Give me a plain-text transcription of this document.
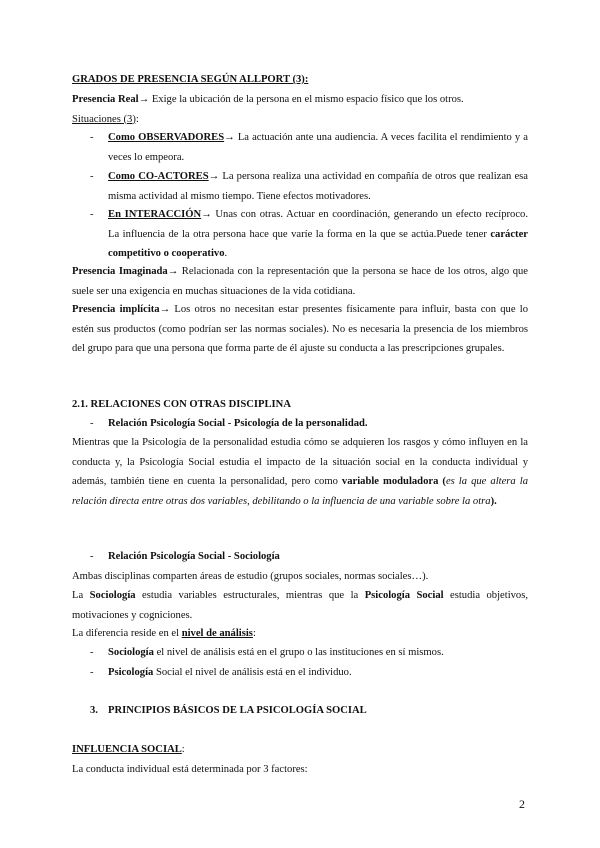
GRADOS DE PRESENCIA SEGÚN ALLPORT (3):
Presencia Real→ Exige la ubicación de la persona en el mismo espacio físico que los otros.
Situaciones (3):
- Como OBSERVADORES→ La actuación ante una audiencia. A veces facilita el rendimiento y a veces lo empeora.
- Como CO-ACTORES→ La persona realiza una actividad en compañía de otros que realizan esa misma actividad al mismo tiempo. Tiene efectos motivadores.
- En INTERACCIÓN→ Unas con otras. Actuar en coordinación, generando un efecto recíproco. La influencia de la otra persona hace que varíe la forma en la que se actúa.Puede tener carácter competitivo o cooperativo.
Presencia Imaginada→ Relacionada con la representación que la persona se hace de los otros, algo que suele ser una exigencia en muchas situaciones de la vida cotidiana.
Presencia implícita→ Los otros no necesitan estar presentes físicamente para influir, basta con que lo estén sus productos (como podrían ser las normas sociales). No es necesaria la presencia de los miembros del grupo para que una persona que forma parte de él ajuste su conducta a las prescripciones grupales.
2.1. RELACIONES CON OTRAS DISCIPLINA
- Relación Psicología Social - Psicología de la personalidad.
Mientras que la Psicología de la personalidad estudia cómo se adquieren los rasgos y cómo influyen en la conducta y, la Psicología Social estudia el impacto de la situación social en la conducta individual y además, también tiene en cuenta la personalidad, pero como variable moduladora (es la que altera la relación directa entre otras dos variables, debilitando o la influencia de una variable sobre la otra).
- Relación Psicología Social - Sociología
Ambas disciplinas comparten áreas de estudio (grupos sociales, normas sociales…).
La Sociología estudia variables estructurales, mientras que la Psicología Social estudia objetivos, motivaciones y cogniciones.
La diferencia reside en el nivel de análisis:
- Sociología el nivel de análisis está en el grupo o las instituciones en sí mismos.
- Psicología Social el nivel de análisis está en el individuo.
3. PRINCIPIOS BÁSICOS DE LA PSICOLOGÍA SOCIAL
INFLUENCIA SOCIAL:
La conducta individual está determinada por 3 factores:
2
